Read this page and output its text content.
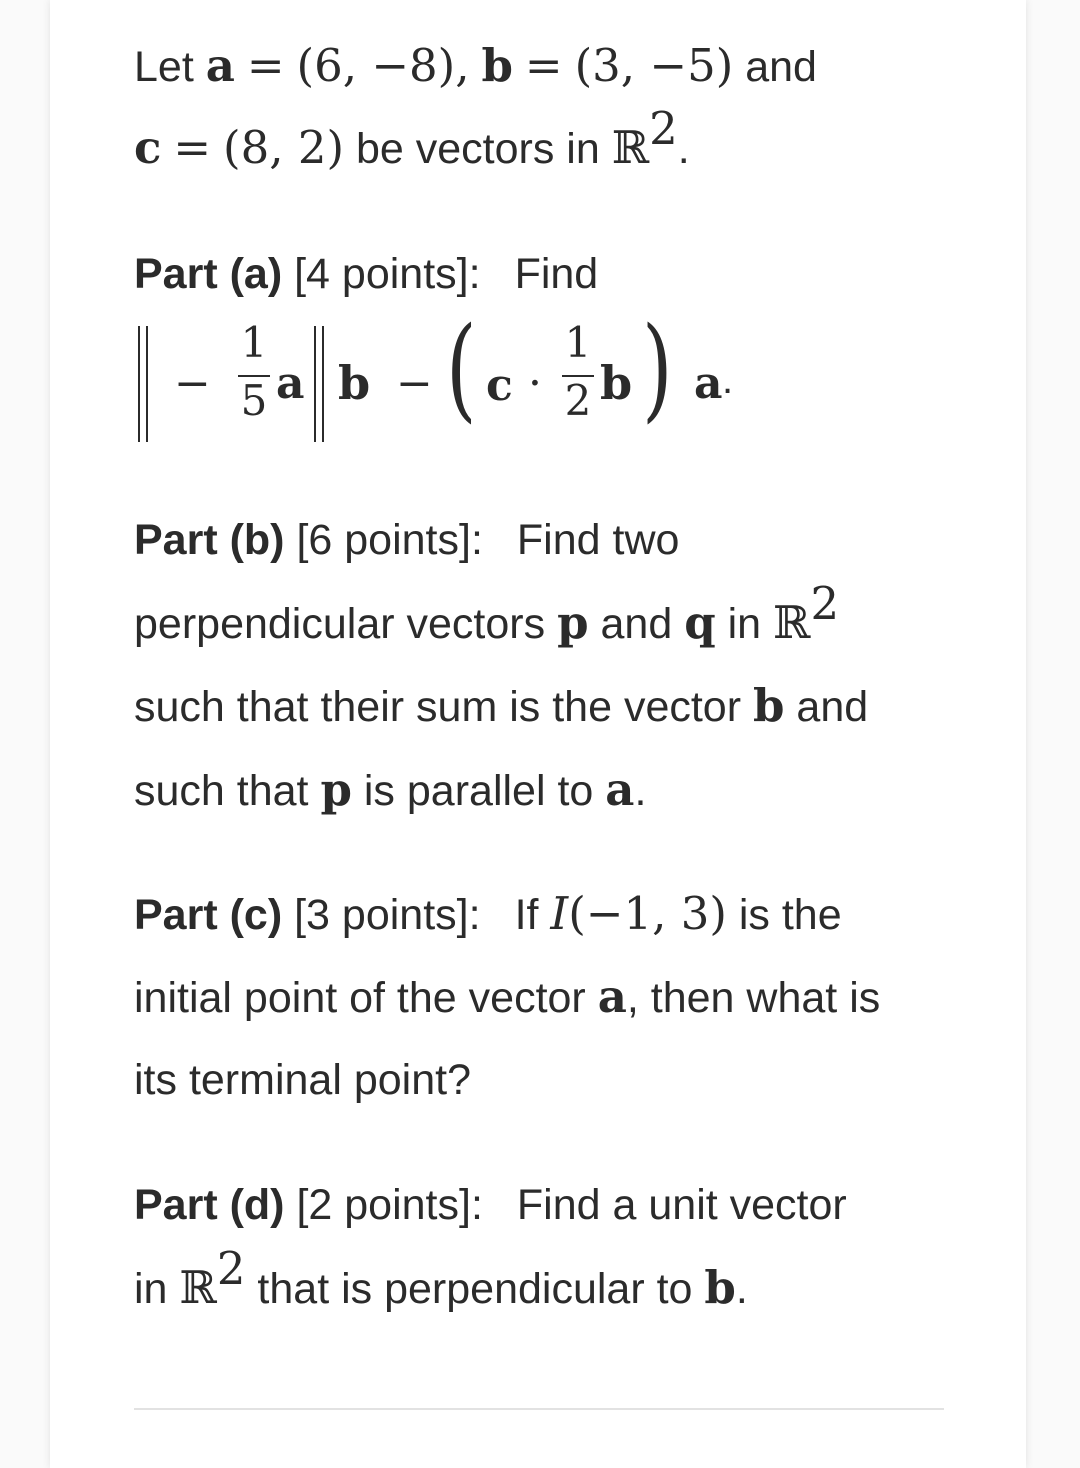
Let a = (6, −8), b = (3, −5) and
c = (8, 2) be vectors in ℝ$^2$.
Part (a) [4 points]: Find
‖ −
1
5 a ‖ b − ( c ·
1
2 b ) a .
Part (b) [6 points]: Find two
perpendicular vectors p and q in ℝ$^2$
such that their sum is the vector b and
such that p is parallel to a.
Part (c) [3 points]: If I(−1, 3) is the
initial point of the vector a, then what is
its terminal point?
Part (d) [2 points]: Find a unit vector
in ℝ$^2$ that is perpendicular to b.
